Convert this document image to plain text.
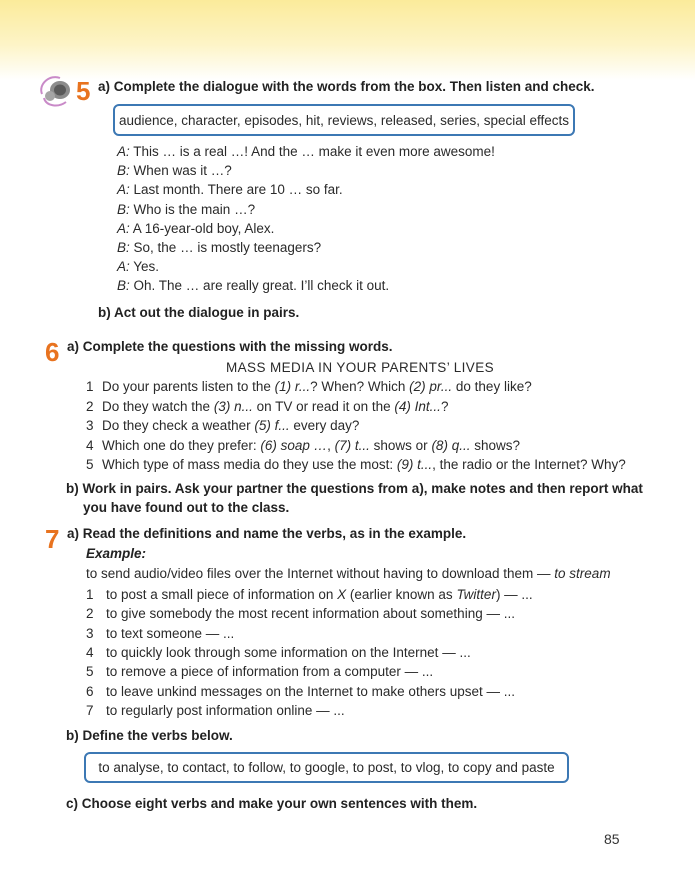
5 a) Complete the dialogue with the words from the box. Then listen and check.
audience, character, episodes, hit, reviews, released, series, special effects
A: This … is a real …! And the … make it even more awesome!
B: When was it …?
A: Last month. There are 10 … so far.
B: Who is the main …?
A: A 16-year-old boy, Alex.
B: So, the … is mostly teenagers?
A: Yes.
B: Oh. The … are really great. I’ll check it out.
b) Act out the dialogue in pairs.
6 a) Complete the questions with the missing words.
MASS MEDIA IN YOUR PARENTS’ LIVES
1 Do your parents listen to the (1) r...? When? Which (2) pr... do they like?
2 Do they watch the (3) n... on TV or read it on the (4) Int...?
3 Do they check a weather (5) f... every day?
4 Which one do they prefer: (6) soap …, (7) t... shows or (8) q... shows?
5 Which type of mass media do they use the most: (9) t..., the radio or the Internet? Why?
b) Work in pairs. Ask your partner the questions from a), make notes and then report what
you have found out to the class.
7 a) Read the definitions and name the verbs, as in the example.
Example:
to send audio/video files over the Internet without having to download them — to stream
1 to post a small piece of information on X (earlier known as Twitter) — ...
2 to give somebody the most recent information about something — ...
3 to text someone — ...
4 to quickly look through some information on the Internet — ...
5 to remove a piece of information from a computer — ...
6 to leave unkind messages on the Internet to make others upset — ...
7 to regularly post information online — ...
b) Define the verbs below.
to analyse, to contact, to follow, to google, to post, to vlog, to copy and paste
c) Choose eight verbs and make your own sentences with them.
85
